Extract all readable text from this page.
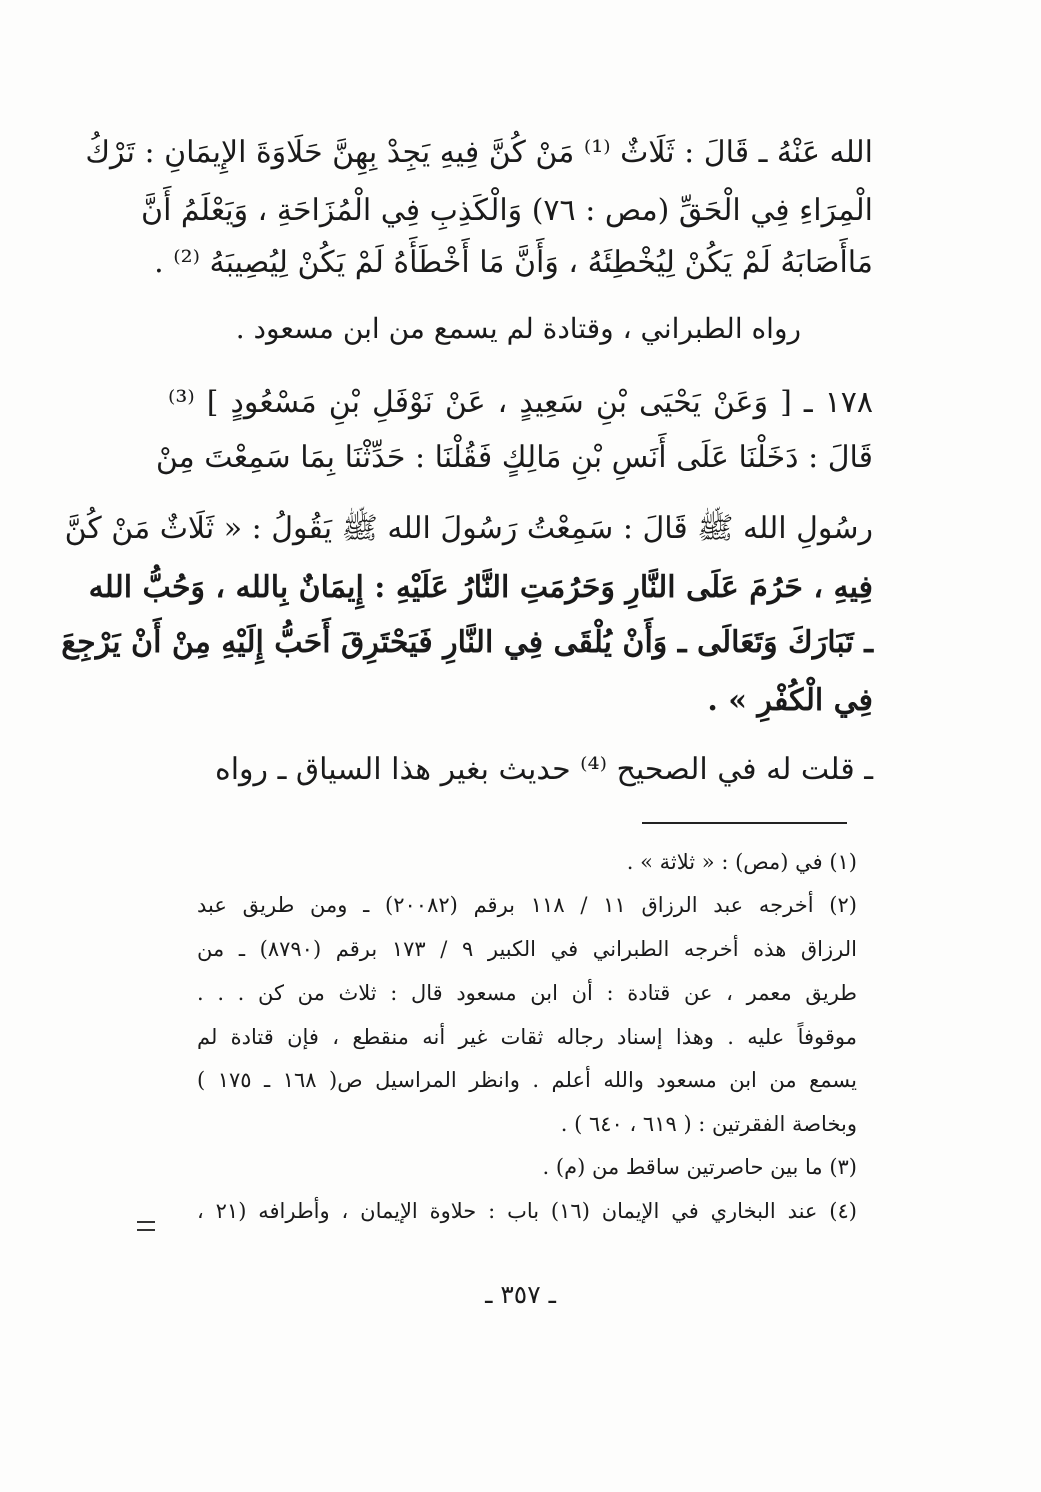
الله عَنْهُ ـ قَالَ : ثَلَاثٌ ⁽¹⁾ مَنْ كُنَّ فِيهِ يَجِدْ بِهِنَّ حَلَاوَةَ الإِيمَانِ : تَرْكُ
الْمِرَاءِ فِي الْحَقِّ (مص : ٧٦) وَالْكَذِبِ فِي الْمُزَاحَةِ ، وَيَعْلَمُ أَنَّ
مَاأَصَابَهُ لَمْ يَكُنْ لِيُخْطِئَهُ ، وَأَنَّ مَا أَخْطَأَهُ لَمْ يَكُنْ لِيُصِيبَهُ ⁽²⁾ .
رواه الطبراني ، وقتادة لم يسمع من ابن مسعود .
١٧٨ ـ [ وَعَنْ يَحْيَى بْنِ سَعِيدٍ ، عَنْ نَوْفَلِ بْنِ مَسْعُودٍ ] ⁽³⁾
قَالَ : دَخَلْنَا عَلَى أَنَسِ بْنِ مَالِكٍ فَقُلْنَا : حَدِّثْنَا بِمَا سَمِعْتَ مِنْ
رسُولِ الله ﷺ قَالَ : سَمِعْتُ رَسُولَ الله ﷺ يَقُولُ : « ثَلَاثٌ مَنْ كُنَّ
فِيهِ ، حَرُمَ عَلَى النَّارِ وَحَرُمَتِ النَّارُ عَلَيْهِ : إِيمَانٌ بِالله ، وَحُبُّ الله
ـ تَبَارَكَ وَتَعَالَى ـ وَأَنْ يُلْقَى فِي النَّارِ فَيَحْتَرِقَ أَحَبُّ إِلَيْهِ مِنْ أَنْ يَرْجِعَ
فِي الْكُفْرِ » .
ـ قلت له في الصحيح ⁽⁴⁾ حديث بغير هذا السياق ـ رواه
(١) في (مص) : « ثلاثة » .
(٢) أخرجه عبد الرزاق ١١ / ١١٨ برقم (٢٠٠٨٢) ـ ومن طريق عبد
الرزاق هذه أخرجه الطبراني في الكبير ٩ / ١٧٣ برقم (٨٧٩٠) ـ من
طريق معمر ، عن قتادة : أن ابن مسعود قال : ثلاث من كن . . .
موقوفاً عليه . وهذا إسناد رجاله ثقات غير أنه منقطع ، فإن قتادة لم
يسمع من ابن مسعود والله أعلم . وانظر المراسيل ص( ١٦٨ ـ ١٧٥ )
وبخاصة الفقرتين : ( ٦١٩ ، ٦٤٠ ) .
(٣) ما بين حاصرتين ساقط من (م) .
(٤) عند البخاري في الإيمان (١٦) باب : حلاوة الإيمان ، وأطرافه (٢١ ،
ـ ٣٥٧ ـ
